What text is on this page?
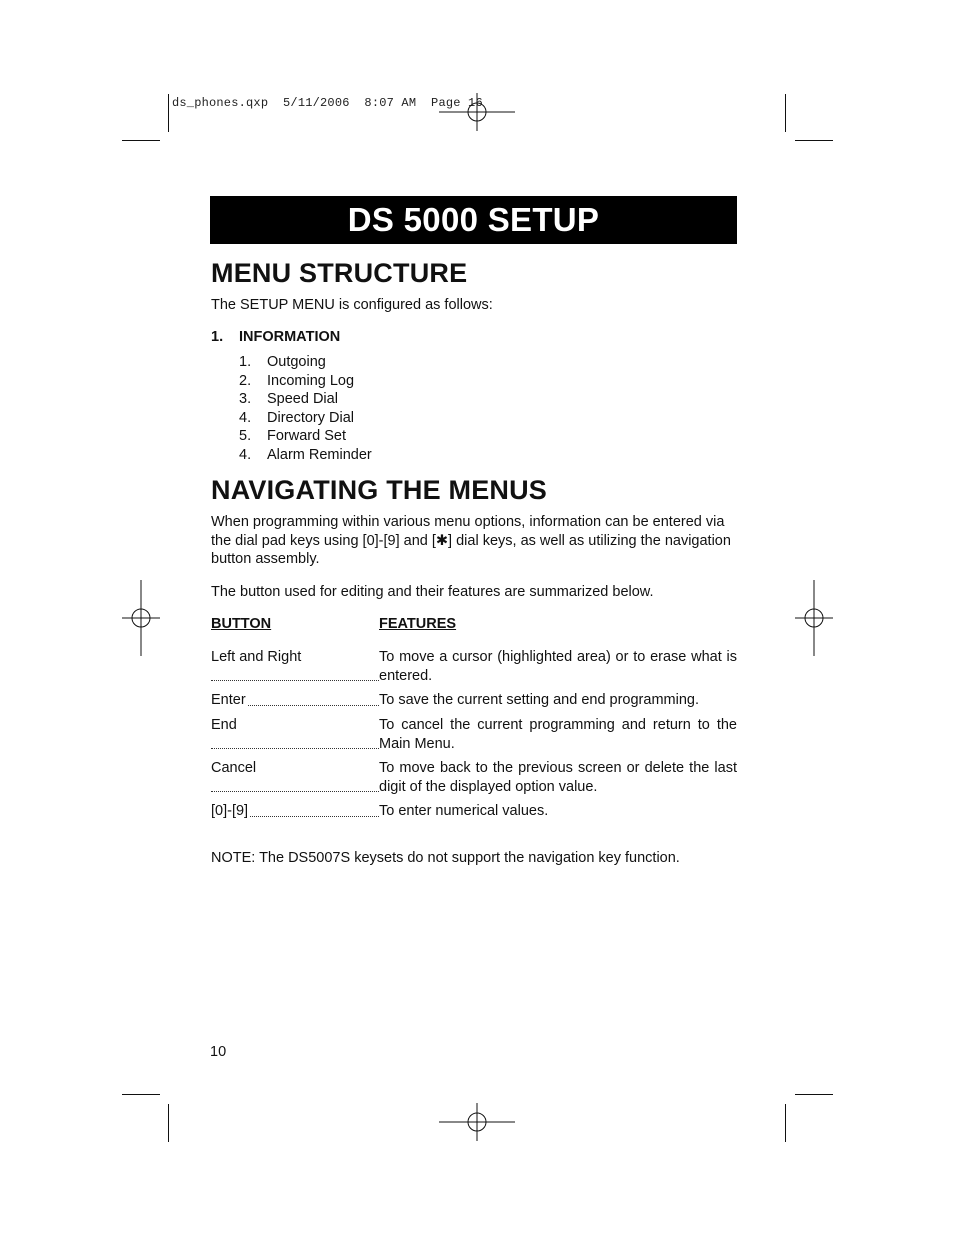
ds_phones.qxp  5/11/2006  8:07 AM  Page 16
DS 5000 SETUP
MENU STRUCTURE
The SETUP MENU is configured as follows:
1. INFORMATION
1.	Outgoing
2.	Incoming Log
3.	Speed Dial
4.	Directory Dial
5.	Forward Set
4.	Alarm Reminder
NAVIGATING THE MENUS
When programming within various menu options, information can be entered via the dial pad keys using [0]-[9] and [✱] dial keys, as well as utilizing the navigation button assembly.
The button used for editing and their features are summarized below.
BUTTON	FEATURES
Left and Right	To move a cursor (highlighted area) or to erase what is entered.
Enter	To save the current setting and end programming.
End	To cancel the current programming and return to the Main Menu.
Cancel	To move back to the previous screen or delete the last digit of the displayed option value.
[0]-[9]	To enter numerical values.
NOTE: The DS5007S keysets do not support the navigation key function.
10
